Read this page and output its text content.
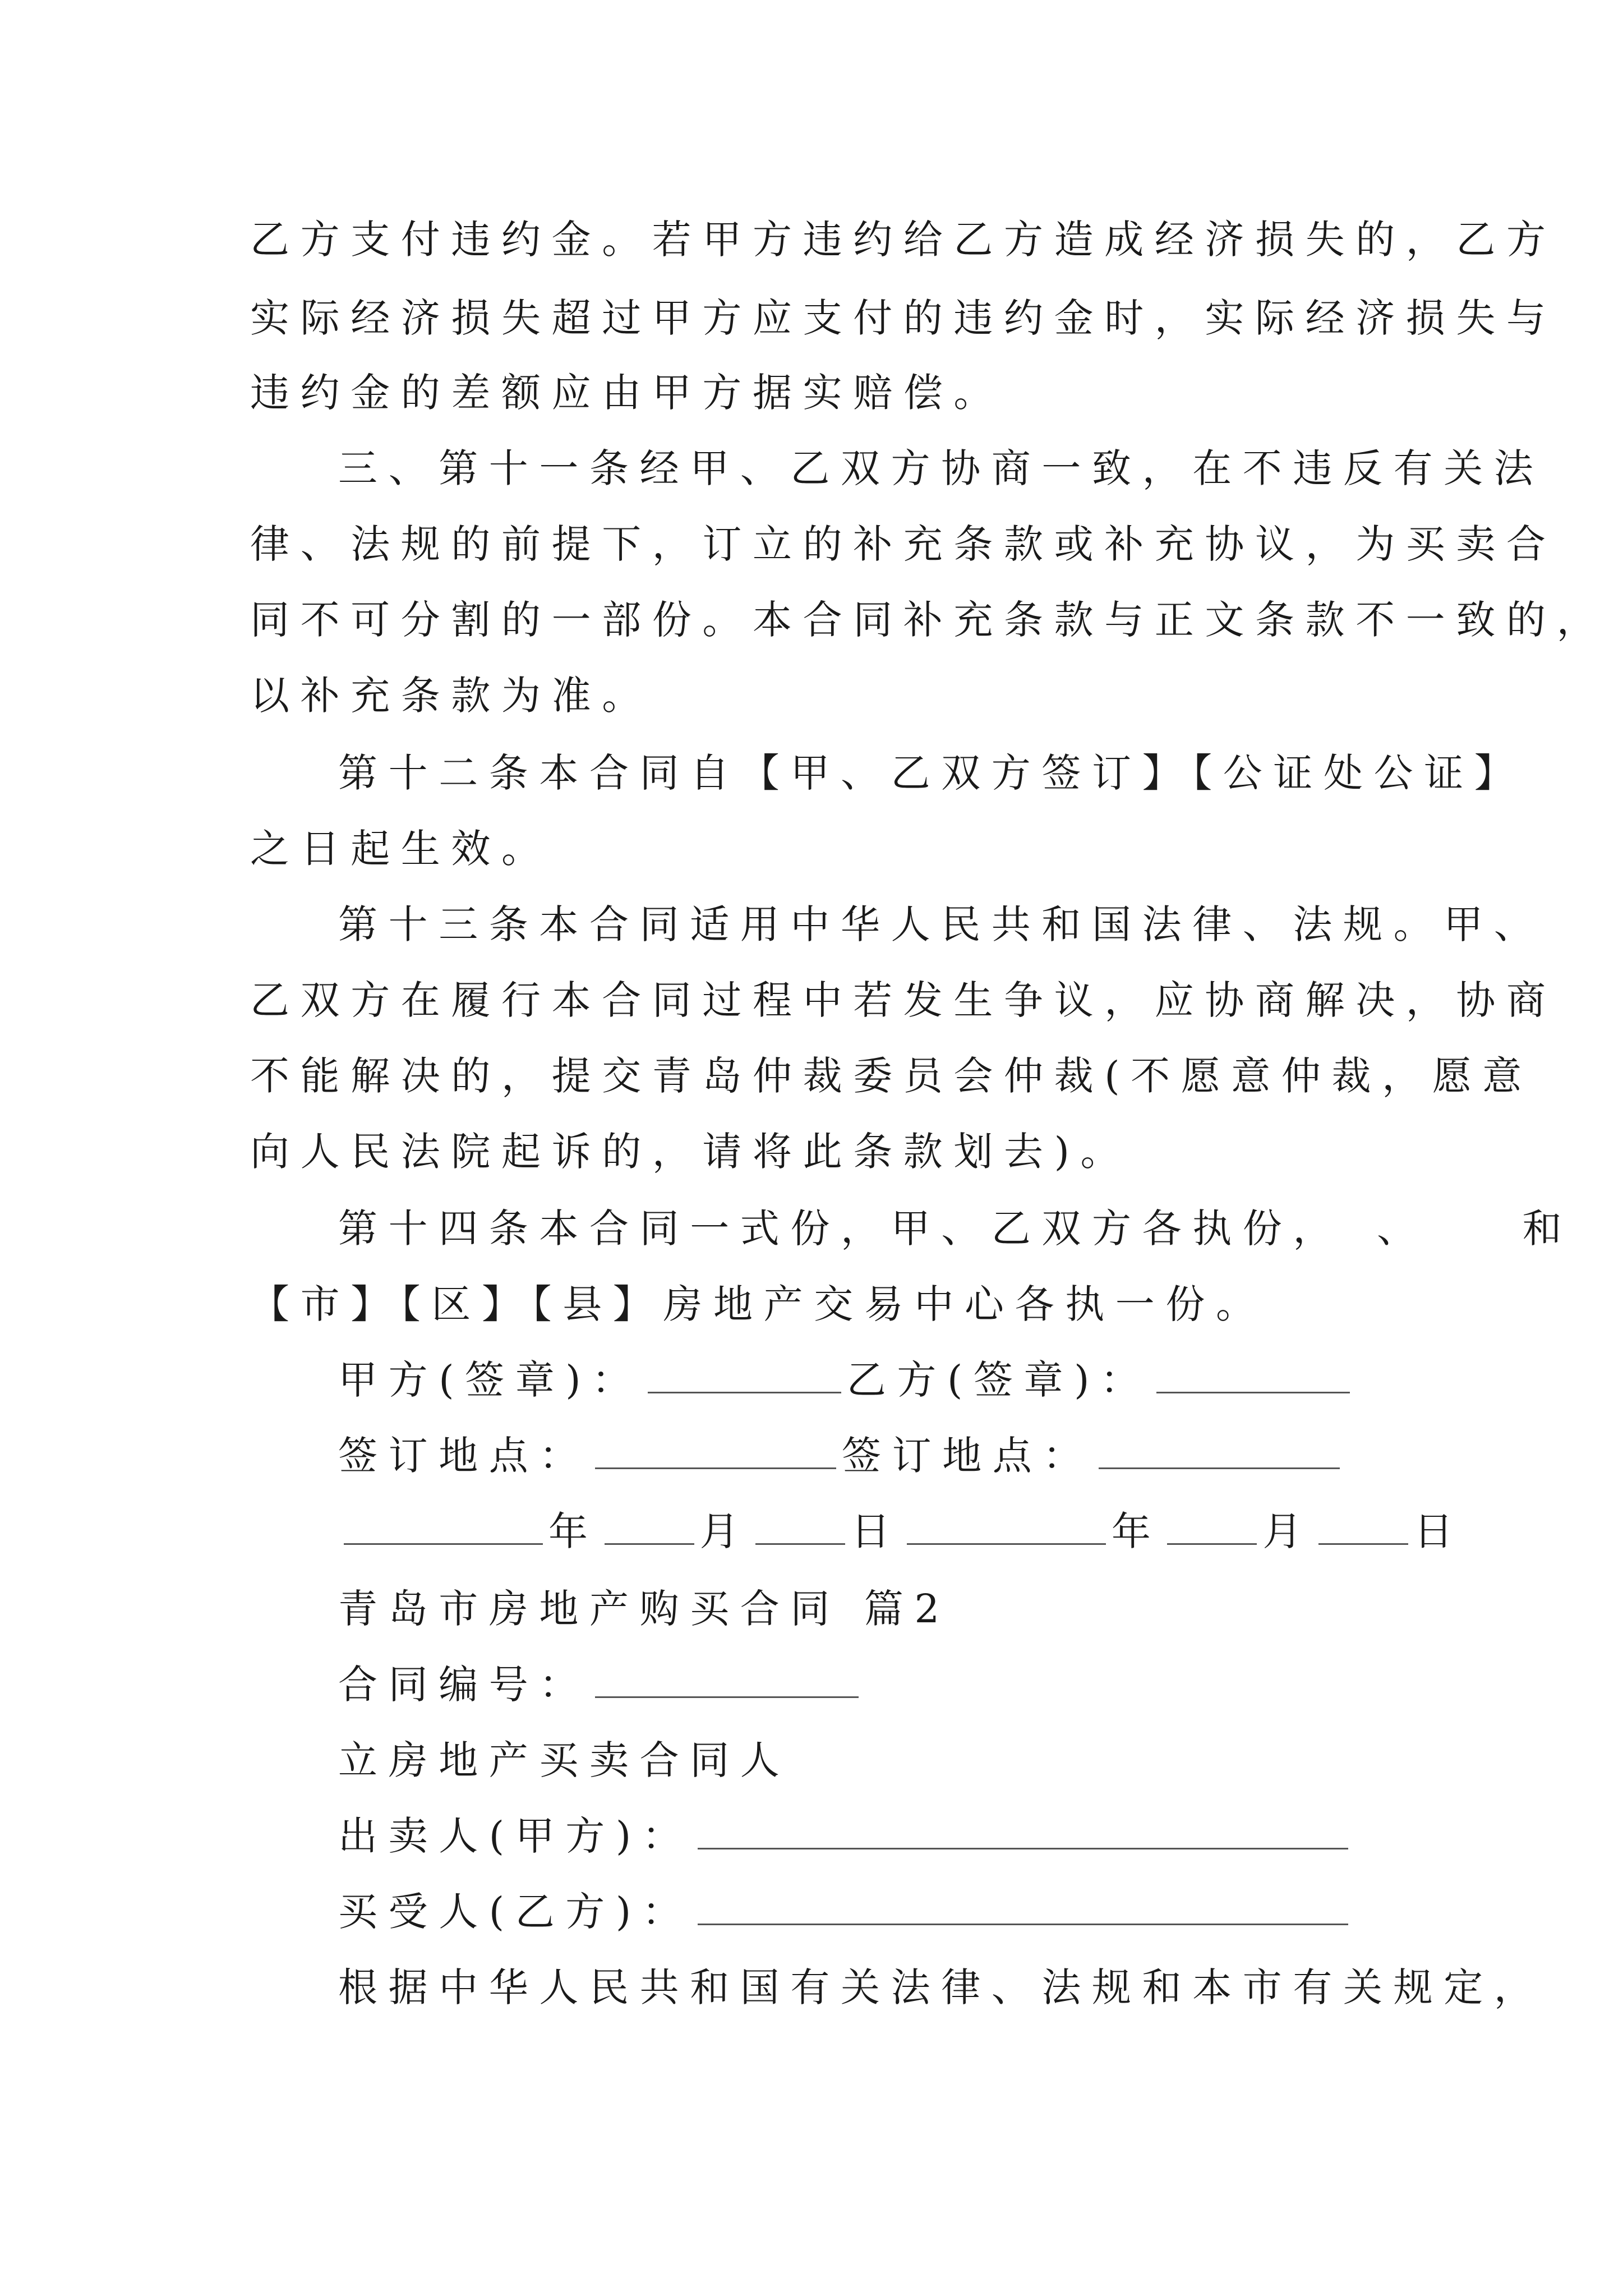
乙方支付违约金。若甲方违约给乙方造成经济损失的，乙方
实际经济损失超过甲方应支付的违约金时，实际经济损失与
违约金的差额应由甲方据实赔偿。
三、第十一条经甲、乙双方协商一致，在不违反有关法
律、法规的前提下，订立的补充条款或补充协议，为买卖合
同不可分割的一部份。本合同补充条款与正文条款不一致的，
以补充条款为准。
第十二条本合同自【甲、乙双方签订】【公证处公证】
之日起生效。
第十三条本合同适用中华人民共和国法律、法规。甲、
乙双方在履行本合同过程中若发生争议，应协商解决，协商
不能解决的，提交青岛仲裁委员会仲裁(不愿意仲裁，愿意
向人民法院起诉的，请将此条款划去)。
第十四条本合同一式份，甲、乙双方各执份， 、 和
【市】【区】【县】房地产交易中心各执一份。
甲方(签章)：	乙方(签章)：
签订地点：	签订地点：
年	月	日	年	月	日
青岛市房地产购买合同 篇2
合同编号：
立房地产买卖合同人
出卖人(甲方)：
买受人(乙方)：
根据中华人民共和国有关法律、法规和本市有关规定，
